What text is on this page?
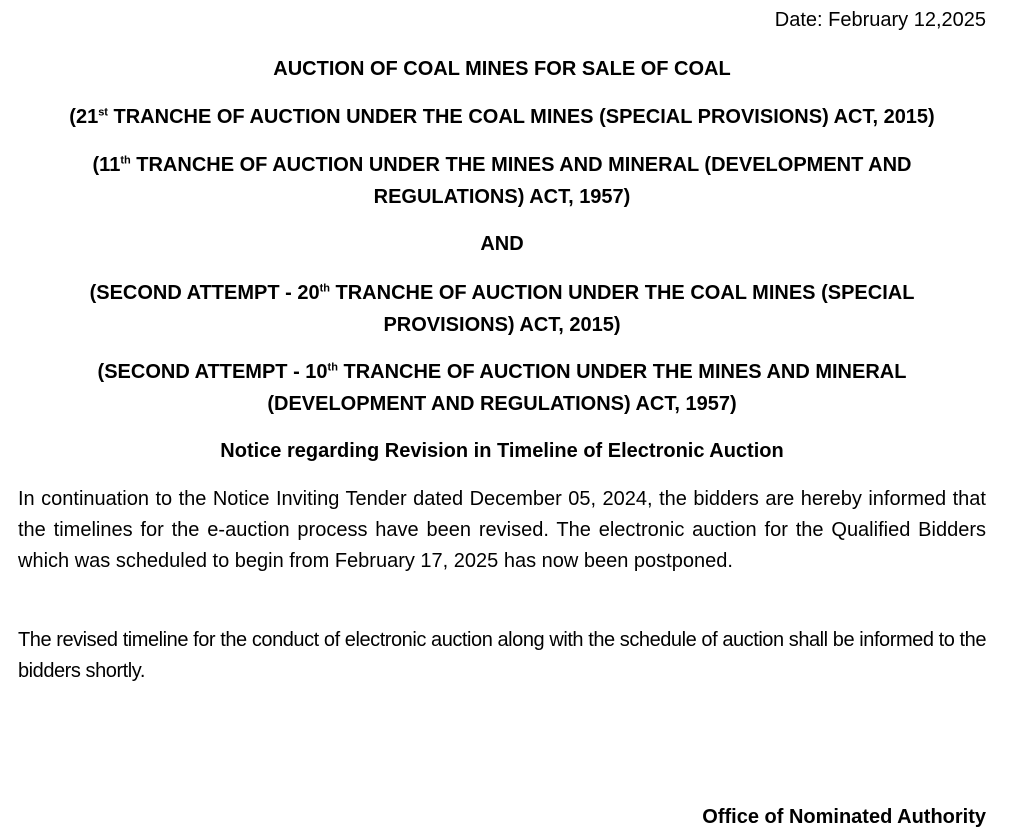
Date: February 12,2025
AUCTION OF COAL MINES FOR SALE OF COAL
(21st TRANCHE OF AUCTION UNDER THE COAL MINES (SPECIAL PROVISIONS) ACT, 2015)
(11th TRANCHE OF AUCTION UNDER THE MINES AND MINERAL (DEVELOPMENT AND
REGULATIONS) ACT, 1957)
AND
(SECOND ATTEMPT - 20th TRANCHE OF AUCTION UNDER THE COAL MINES (SPECIAL
PROVISIONS) ACT, 2015)
(SECOND ATTEMPT - 10th TRANCHE OF AUCTION UNDER THE MINES AND MINERAL
(DEVELOPMENT AND REGULATIONS) ACT, 1957)
Notice regarding Revision in Timeline of Electronic Auction

In continuation to the Notice Inviting Tender dated December 05, 2024, the bidders are hereby informed that the timelines for the e-auction process have been revised. The electronic auction for the Qualified Bidders which was scheduled to begin from February 17, 2025 has now been postponed.

The revised timeline for the conduct of electronic auction along with the schedule of auction shall be informed to the bidders shortly.

Office of Nominated Authority
